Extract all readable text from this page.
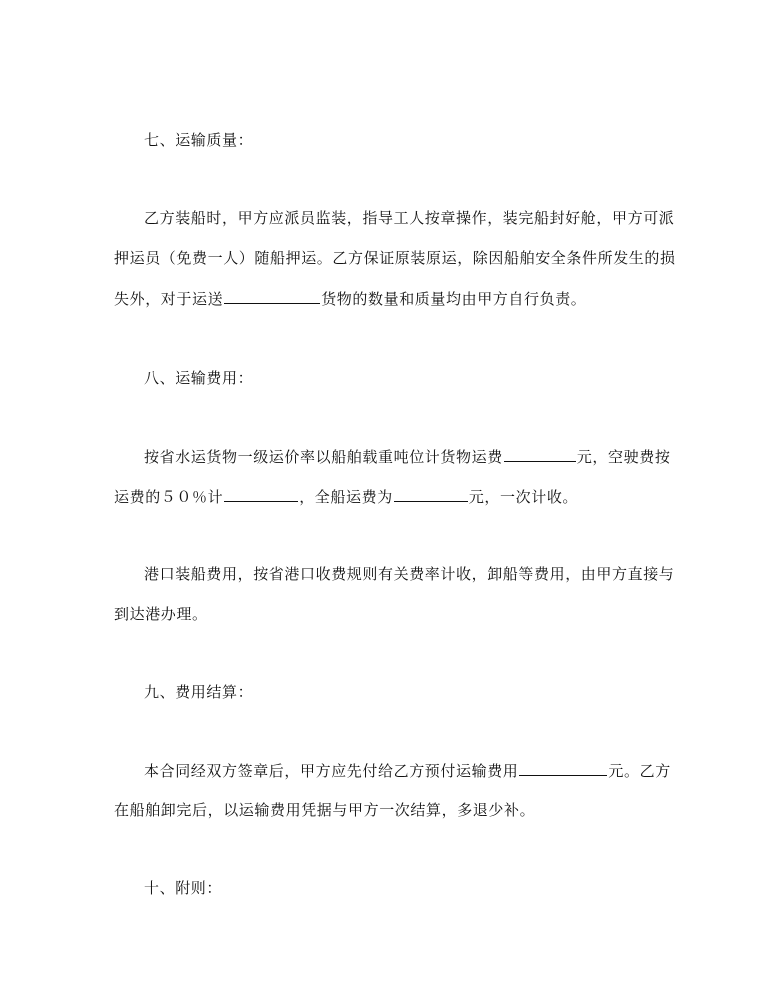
七、运输质量：
乙方装船时，甲方应派员监装，指导工人按章操作，装完船封好舱，甲方可派
押运员（免费一人）随船押运。乙方保证原装原运，除因船舶安全条件所发生的损
失外，对于运送	货物的数量和质量均由甲方自行负责。
八、运输费用：
按省水运货物一级运价率以船舶载重吨位计货物运费	元，空驶费按
运费的５０％计	，全船运费为	元，一次计收。
港口装船费用，按省港口收费规则有关费率计收，卸船等费用，由甲方直接与
到达港办理。
九、费用结算：
本合同经双方签章后，甲方应先付给乙方预付运输费用	元。乙方
在船舶卸完后，以运输费用凭据与甲方一次结算，多退少补。
十、附则：
